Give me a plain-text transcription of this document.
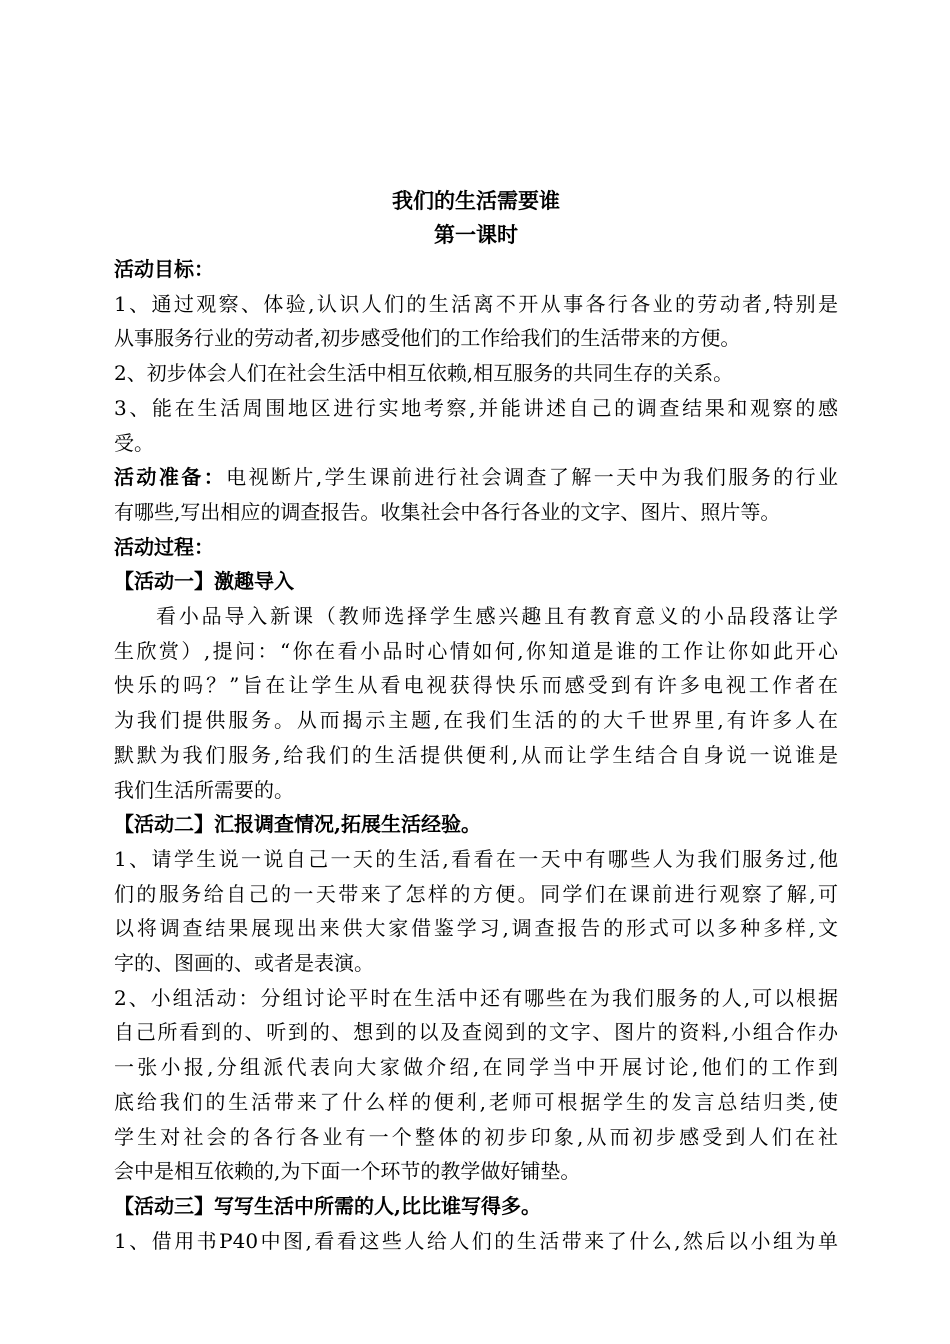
我们的生活需要谁

第一课时

活动目标：

1、通过观察、体验,认识人们的生活离不开从事各行各业的劳动者,特别是

从事服务行业的劳动者,初步感受他们的工作给我们的生活带来的方便。

2、初步体会人们在社会生活中相互依赖,相互服务的共同生存的关系。

3、能在生活周围地区进行实地考察,并能讲述自己的调查结果和观察的感

受。

活动准备：电视断片,学生课前进行社会调查了解一天中为我们服务的行业

有哪些,写出相应的调查报告。收集社会中各行各业的文字、图片、照片等。

活动过程：

【活动一】激趣导入

看小品导入新课（教师选择学生感兴趣且有教育意义的小品段落让学

生欣赏）,提问：“你在看小品时心情如何,你知道是谁的工作让你如此开心

快乐的吗？”旨在让学生从看电视获得快乐而感受到有许多电视工作者在

为我们提供服务。从而揭示主题,在我们生活的的大千世界里,有许多人在

默默为我们服务,给我们的生活提供便利,从而让学生结合自身说一说谁是

我们生活所需要的。

【活动二】汇报调查情况,拓展生活经验。

1、请学生说一说自己一天的生活,看看在一天中有哪些人为我们服务过,他

们的服务给自己的一天带来了怎样的方便。同学们在课前进行观察了解,可

以将调查结果展现出来供大家借鉴学习,调查报告的形式可以多种多样,文

字的、图画的、或者是表演。

2、小组活动：分组讨论平时在生活中还有哪些在为我们服务的人,可以根据

自己所看到的、听到的、想到的以及查阅到的文字、图片的资料,小组合作办

一张小报,分组派代表向大家做介绍,在同学当中开展讨论,他们的工作到

底给我们的生活带来了什么样的便利,老师可根据学生的发言总结归类,使

学生对社会的各行各业有一个整体的初步印象,从而初步感受到人们在社

会中是相互依赖的,为下面一个环节的教学做好铺垫。

【活动三】写写生活中所需的人,比比谁写得多。

1、借用书P40中图,看看这些人给人们的生活带来了什么,然后以小组为单
